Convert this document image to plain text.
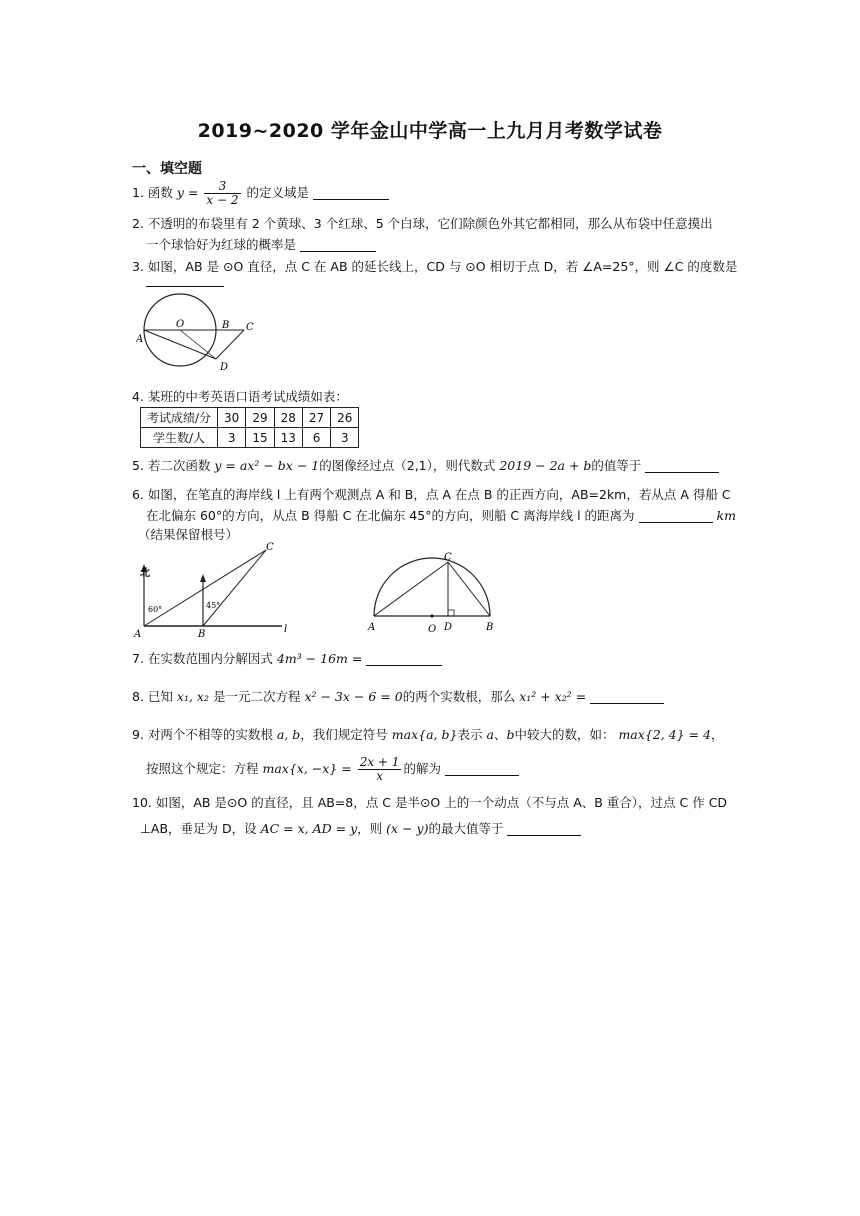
2019~2020 学年金山中学高一上九月月考数学试卷
一、填空题
1. 函数 $y = \frac{3}{x - 2}$ 的定义域是
2. 不透明的布袋里有 2 个黄球、3 个红球、5 个白球，它们除颜色外其它都相同，那么从布袋中任意摸出
一个球恰好为红球的概率是
3. 如图，AB 是 ⊙O 直径，点 C 在 AB 的延长线上，CD 与 ⊙O 相切于点 D，若 ∠A=25°，则 ∠C 的度数是
A
O	B C
D
4. 某班的中考英语口语考试成绩如表：
考试成绩/分	30	29	28	27	26
学生数/人	3	15	13	6	3
5. 若二次函数 y = ax² − bx − 1的图像经过点（2,1），则代数式 2019 − 2a + b的值等于
6. 如图，在笔直的海岸线 l 上有两个观测点 A 和 B，点 A 在点 B 的正西方向，AB=2km，若从点 A 得船 C
在北偏东 60°的方向，从点 B 得船 C 在北偏东 45°的方向，则船 C 离海岸线 l 的距离为	km
（结果保留根号）
北
60°	45°
A	B
C
l	A	O D	B
C
7. 在实数范围内分解因式 4m³ − 16m =
8. 已知 x₁, x₂ 是一元二次方程 x² − 3x − 6 = 0的两个实数根，那么 x₁² + x₂² =
9. 对两个不相等的实数根 a, b，我们规定符号 max{a, b}表示 a、b中较大的数，如： max{2, 4} = 4，
按照这个规定：方程 max{x, $-x\} = \frac{2x + 1}{x}$ 的解为
10. 如图，AB 是⊙O 的直径，且 AB=8，点 C 是半⊙O 上的一个动点（不与点 A、B 重合），过点 C 作 CD
⊥AB，垂足为 D，设 AC = x, AD = y，则 (x − y)的最大值等于
